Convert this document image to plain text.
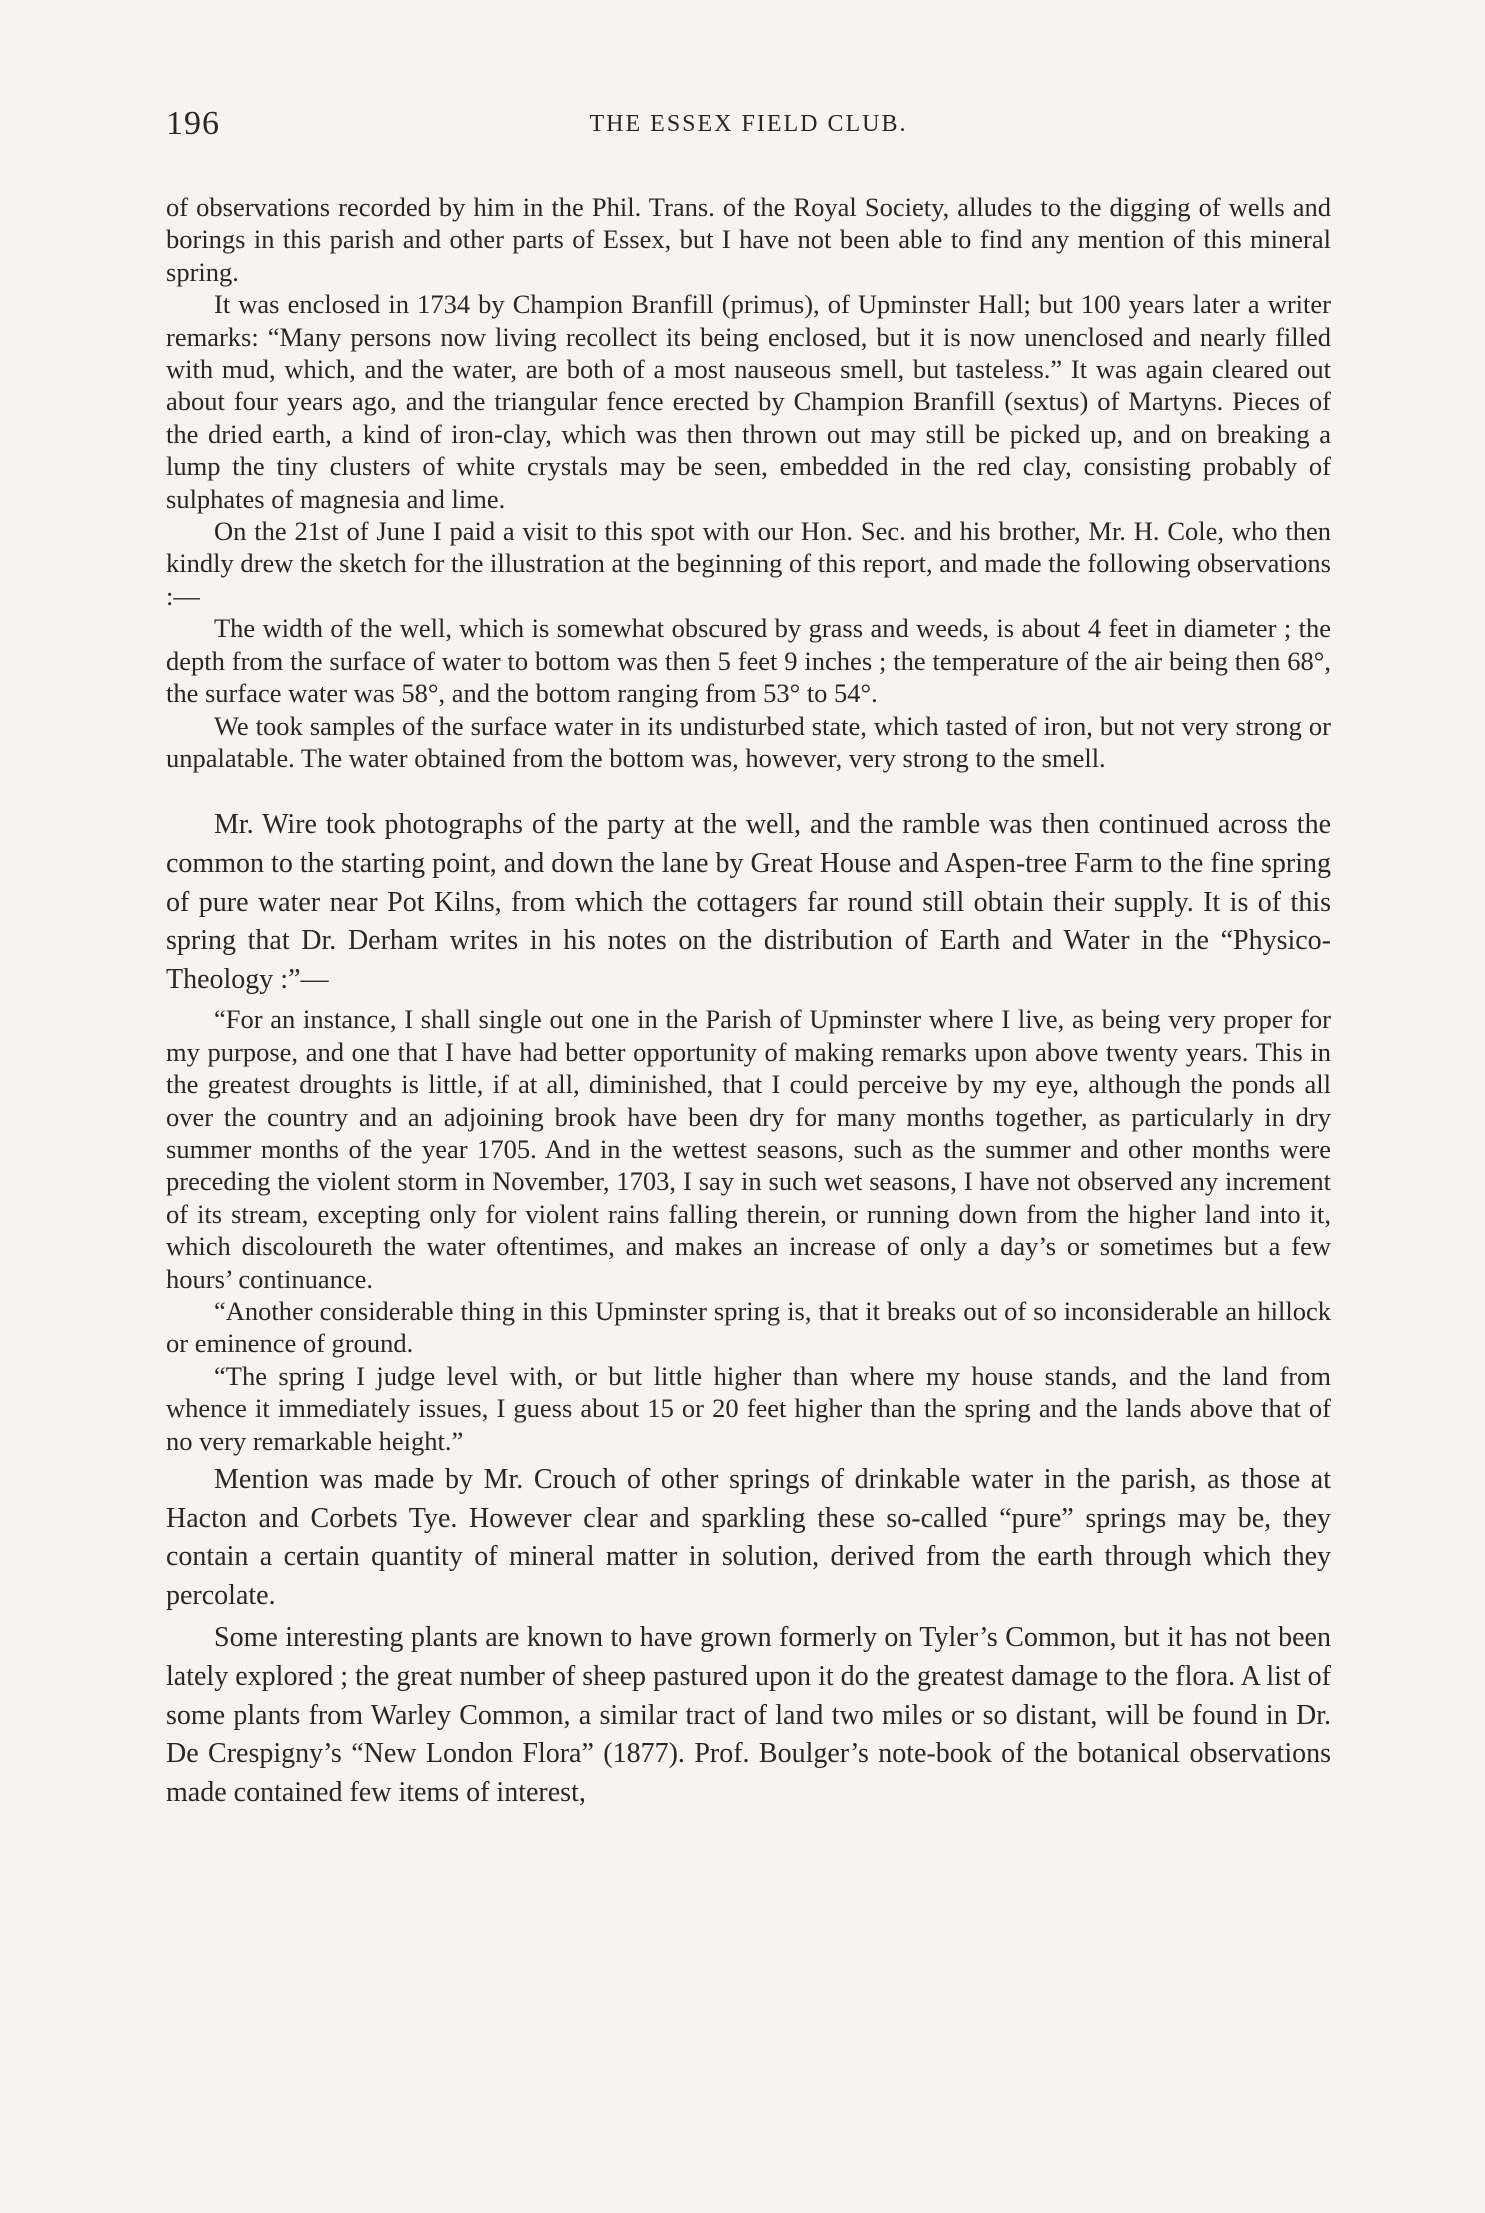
196	THE ESSEX FIELD CLUB.

of observations recorded by him in the Phil. Trans. of the Royal Society, alludes to the digging of wells and borings in this parish and other parts of Essex, but I have not been able to find any mention of this mineral spring.

It was enclosed in 1734 by Champion Branfill (primus), of Upminster Hall; but 100 years later a writer remarks: “Many persons now living recollect its being enclosed, but it is now unenclosed and nearly filled with mud, which, and the water, are both of a most nauseous smell, but tasteless.” It was again cleared out about four years ago, and the triangular fence erected by Champion Branfill (sextus) of Martyns. Pieces of the dried earth, a kind of iron-clay, which was then thrown out may still be picked up, and on breaking a lump the tiny clusters of white crystals may be seen, embedded in the red clay, consisting probably of sulphates of magnesia and lime.

On the 21st of June I paid a visit to this spot with our Hon. Sec. and his brother, Mr. H. Cole, who then kindly drew the sketch for the illustration at the beginning of this report, and made the following observations :—

The width of the well, which is somewhat obscured by grass and weeds, is about 4 feet in diameter ; the depth from the surface of water to bottom was then 5 feet 9 inches ; the temperature of the air being then 68°, the surface water was 58°, and the bottom ranging from 53° to 54°.

We took samples of the surface water in its undisturbed state, which tasted of iron, but not very strong or unpalatable. The water obtained from the bottom was, however, very strong to the smell.

Mr. Wire took photographs of the party at the well, and the ramble was then continued across the common to the starting point, and down the lane by Great House and Aspen-tree Farm to the fine spring of pure water near Pot Kilns, from which the cottagers far round still obtain their supply. It is of this spring that Dr. Derham writes in his notes on the distribution of Earth and Water in the “Physico-Theology :”—

“For an instance, I shall single out one in the Parish of Upminster where I live, as being very proper for my purpose, and one that I have had better opportunity of making remarks upon above twenty years. This in the greatest droughts is little, if at all, diminished, that I could perceive by my eye, although the ponds all over the country and an adjoining brook have been dry for many months together, as particularly in dry summer months of the year 1705. And in the wettest seasons, such as the summer and other months were preceding the violent storm in November, 1703, I say in such wet seasons, I have not observed any increment of its stream, excepting only for violent rains falling therein, or running down from the higher land into it, which discoloureth the water oftentimes, and makes an increase of only a day’s or sometimes but a few hours’ continuance.

“Another considerable thing in this Upminster spring is, that it breaks out of so inconsiderable an hillock or eminence of ground.

“The spring I judge level with, or but little higher than where my house stands, and the land from whence it immediately issues, I guess about 15 or 20 feet higher than the spring and the lands above that of no very remarkable height.”

Mention was made by Mr. Crouch of other springs of drinkable water in the parish, as those at Hacton and Corbets Tye. However clear and sparkling these so-called “pure” springs may be, they contain a certain quantity of mineral matter in solution, derived from the earth through which they percolate.

Some interesting plants are known to have grown formerly on Tyler’s Common, but it has not been lately explored ; the great number of sheep pastured upon it do the greatest damage to the flora. A list of some plants from Warley Common, a similar tract of land two miles or so distant, will be found in Dr. De Crespigny’s “New London Flora” (1877). Prof. Boulger’s note-book of the botanical observations made contained few items of interest,
